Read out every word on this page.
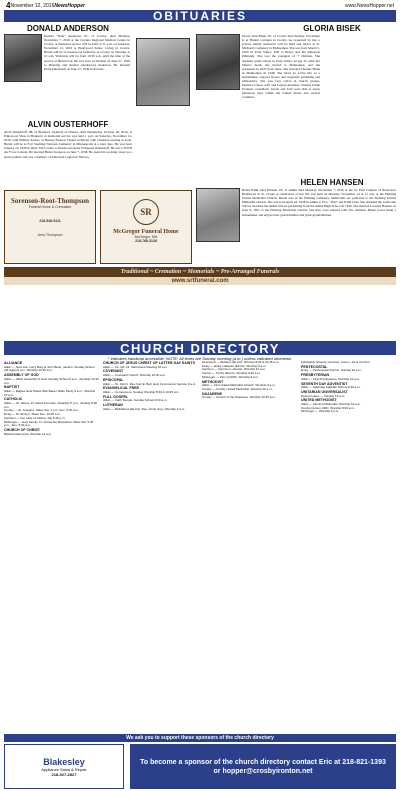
4 November 12, 2016 NewsHopper	www.NewsHopper.net
OBITUARIES
DONALD ANDERSON
Donald "Dale" Anderson, 81, of Crosby, died Monday, November 7, 2016 at the Cuyuna Regional Medical Center in Crosby. A memorial service will be held at 11 a.m. on Saturday, November 12, 2016 at Heartwood Senior Living in Crosby. Burial will be at Greenwood Cemetery in Crosby on Saturday at 10 a.m. Visitation will be from 10:30 a.m. until the time of the service at Heartwood. He was born in Wadena on June 27, 1929 to Henning and Rachel (Anderson) Anderson. He married Evelyn Runstadt on June 27, 1949 in Ironton.
ALVIN OUSTERHOFF
Alvin Ousterhoff, 88, of Brainerd, formerly of Nisswa, died Wednesday, October 26, 2016, at Edgewood Vista in Brainerd. A memorial service was held 1 p.m. on Saturday, November 12, 2016, with military honors, at Brenny Funeral Chapel in Baxter with visitation starting at noon. Burial will be at Fort Snelling National Cemetery in Minneapolis at a later date. He was born January 19, 1928 in Otter Tail County to Ruben and Anna (Johnson) Ousterhoff. He was a WWII Air Force veteran. He married Helen Sturgeon on June 7, 1958. He spent his working career as a house painter and was a member of American Legion in Nisswa.
GLORIA BISEK
Gloria Jean Bisek, 87, of Crosby died Sunday, November 6, at Haslett Cottages in Crosby. As requested by her, a private family memorial will be held and burial at St. Michael's Cemetery in Mahnomen. She was born March 5, 1929 in Twin Valley, MN to Henry and Ida Rinenson (Meland). She was the youngest of 7 children. She attended grade school in Twin Valley. At age 15, after her father's death, she moved to Mahnomen, and she graduated in 1947 from there. She married Thomas Bisek in Mahnomen in 1948. She lived an active life as a homemaker, enjoyed flower and vegetable gardening and embroidery. She was very active in church groups, Farmer's Union, 4-H, and Legion Auxiliary. Stanley Prime Products consultant, Gloria and Tom were able to enjoy numerous trips within the United States and several countries.
HELEN HANSEN
Helen Edith Lind Hansen, 85, of Aitkin died Monday, November 7, 2016 at the St. Paul Campus of Riverview Healthcare in St. Cloud. A celebration of her life was held on Monday, November 14 at 11 a.m. at the Fleming United Methodist Church. Burial was in the Fleming Cemetery. Memorials are preferred to the Fleming United Methodist Church. She was born April 24, 1928 in Aitkin to D.G. "Dud" and Edith Lind. She attended the Gull Lake School and then the Aitkin School graduating from the Aitkin High School in 1946. She married Leonard Hansen on June 8, 1951 at the Fleming Methodist Church, and they were blessed with five children. Helen loved being a homemaker and enjoyed her grandchildren and great-grandchildren.
Sorensen-Root-Thompson
Funeral Home & Cremation
218-546-5411
Jerry Thompson
SR
McGregor Funeral Home
McGregor, MN
218-768-3136
Traditional ~ Cremation ~ Memorials ~ Pre-Arranged Funerals
www.srtfuneral.com
CHURCH DIRECTORY
* Indicates handicap accessible. NOTE: All times are Sunday morning (a.m.) unless indicated otherwise.
ALLIANCE
Aitkin — New Life: Larry Burg & John Beier, pastors. Sunday School (All ages) 9 a.m. Worship 10:15 a.m.
ASSEMBLY OF GOD
Aitkin — Aitkin Assembly of God. Sunday School 9 a.m., Worship 10:30 a.m.
BAPTIST
Aitkin — Eagles Nest Pastor Bob Bauer. Bible Study 9 a.m., Worship 10 a.m.
CATHOLIC
Aitkin — St. James, Fr. David Forsman, Saturday 5 p.m., Sunday 8:30 a.m.
Crosby — St. Joseph's. Mass Sat. 4 p.m. Sun. 9:30 a.m.
Emily — St. Emily's. Mass Sun. 10:30 a.m.
Garrison — Our Lady of Fatima. Sat 5:30 p.m.
McGregor — Holy Family. Fr. Kristopher Reisdorfer. Mass Sat. 5:30 p.m., Sun. 8:30 a.m.
CHURCH OF CHRIST
Baxter/Lakes Area. Worship 10 a.m.
CHURCH OF JESUS CHRIST OF LATTER DAY SAINTS
Aitkin — Co. Rd. 12. Sacrament Meeting 10 a.m.
COVENANT
Aitkin — Covenant Church. Worship 10:30 a.m.
EPISCOPAL
Aitkin — St. John's. Rev. Kari E. Bell. Holy Communion Service 9 a.m.
EVANGELICAL FREE
Aitkin — Cornerstone. Sunday Worship 8:30 & 10:45 a.m.
FULL GOSPEL
Aitkin — Faith Temple. Sunday School 9:30 a.m.
LUTHERAN
Aitkin — Bethlehem (ELCA). Rev. Cindy Grey. Worship 9 a.m.
Deerwood — Bethany (ELCA). Worship 8:30 & 10:45 a.m.
Emily — Emily Lutheran (ELCA). Worship 9 a.m.
Garrison — Garrison Lutheran. Worship 10 a.m.
Ironton — Trinity (ELCA). Worship 9:30 a.m.
McGregor — Zion (LCMS). Worship 9 a.m.
METHODIST
Aitkin — First United Methodist Church. Worship 9 a.m.
Crosby — Crosby United Methodist. Worship 10 a.m.
NAZARENE
Crosby — Church of the Nazarene. Worship 10:45 a.m.
Fellowship between services. Comm. 1st & 3rd Sun.
PENTECOSTAL
Emily — Pentecostal Church. Sunday 10 a.m.
PRESBYTERIAN
Aitkin — First Presbyterian. Worship 10 a.m.
SEVENTH DAY ADVENTIST
Aitkin — Saturday Sabbath School 9:30 a.m.
UNITARIAN UNIVERSALIST
Pequot Lakes — Sunday 10 a.m.
UNITED METHODIST
Aitkin — Fleming Methodist. Worship 10 a.m.
Crosby-Ironton UMC. Worship 9:30 a.m.
McGregor — Worship 9 a.m.
We ask you to support these sponsors of the church directory
Blakesley
Appliance Sales & Repair
218-927-2827
To become a sponsor of the church directory contact Eric at 218-821-1393 or hopper@crosbyironton.net
